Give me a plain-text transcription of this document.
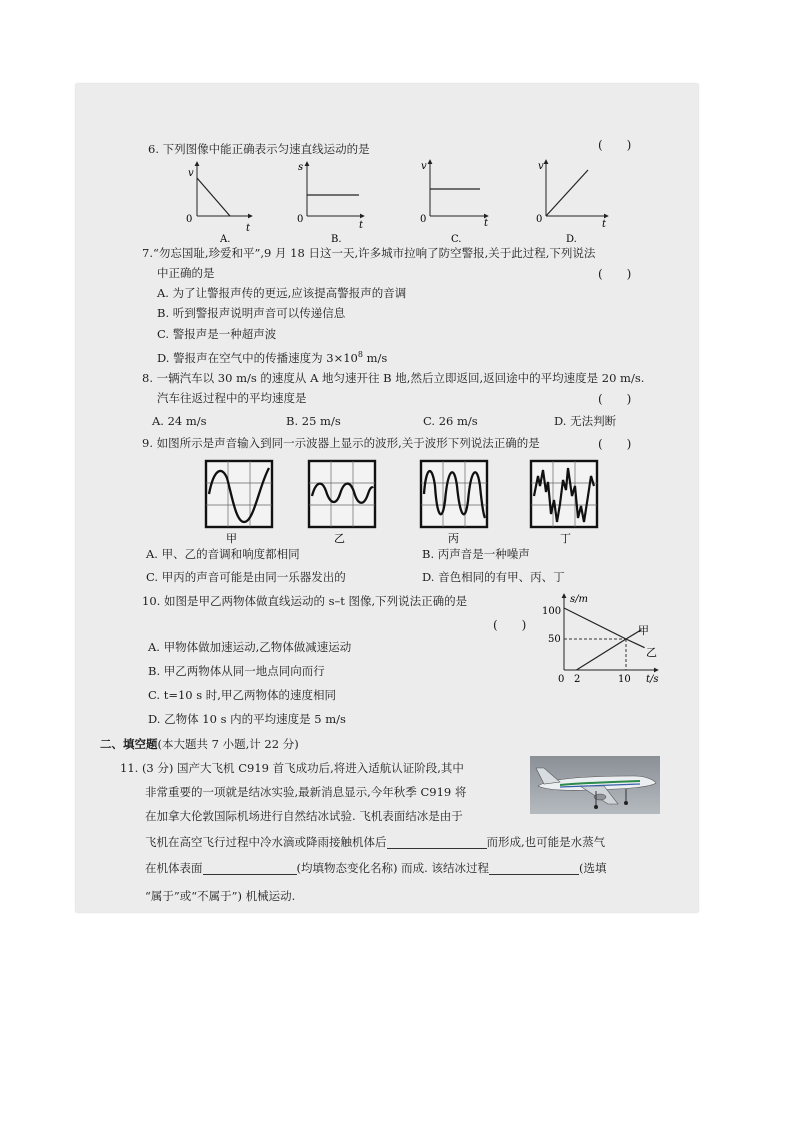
6. 下列图像中能正确表示匀速直线运动的是	(　　)
v
t
0
A.
s
t
0
B.
v
t
0
C.
v
t
0
D.
7.“勿忘国耻,珍爱和平”,9 月 18 日这一天,许多城市拉响了防空警报,关于此过程,下列说法
中正确的是	(　　)
A. 为了让警报声传的更远,应该提高警报声的音调
B. 听到警报声说明声音可以传递信息
C. 警报声是一种超声波
D. 警报声在空气中的传播速度为 $3\times 10^8$ m/s
8. 一辆汽车以 30 m/s 的速度从 A 地匀速开往 B 地,然后立即返回,返回途中的平均速度是 20 m/s.
汽车往返过程中的平均速度是	(　　)
A. 24 m/s	B. 25 m/s	C. 26 m/s	D. 无法判断
9. 如图所示是声音输入到同一示波器上显示的波形,关于波形下列说法正确的是	(　　)
甲	乙	丙	丁
A. 甲、乙的音调和响度都相同	B. 丙声音是一种噪声
C. 甲丙的声音可能是由同一乐器发出的	D. 音色相同的有甲、丙、丁
10. 如图是甲乙两物体做直线运动的 s–t 图像,下列说法正确的是
(　　)
A. 甲物体做加速运动,乙物体做减速运动
B. 甲乙两物体从同一地点同向而行
C. t=10 s 时,甲乙两物体的速度相同
D. 乙物体 10 s 内的平均速度是 5 m/s
s/m
t/s
100
50
0 2	10
甲
乙
二、填空题(本大题共 7 小题,计 22 分)
11. (3 分) 国产大飞机 C919 首飞成功后,将进入适航认证阶段,其中
非常重要的一项就是结冰实验,最新消息显示,今年秋季 C919 将
在加拿大伦敦国际机场进行自然结冰试验. 飞机表面结冰是由于
飞机在高空飞行过程中冷水滴或降雨接触机体后	而形成,也可能是水蒸气
在机体表面	(均填物态变化名称) 而成. 该结冰过程	(选填
“属于”或“不属于”) 机械运动.
